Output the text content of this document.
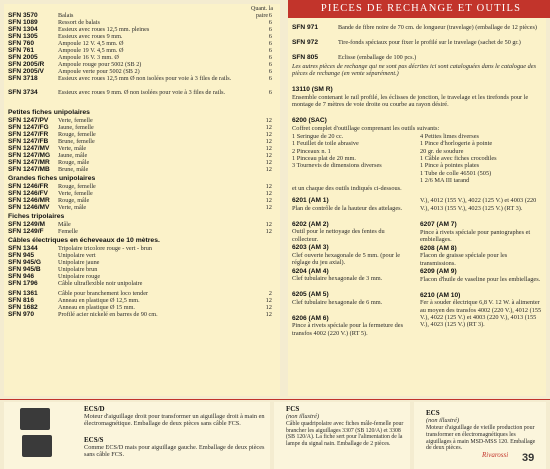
PIECES DE RECHANGE ET OUTILS
Quant. la paire
SFN 3570	Balais	6
SFN 1089	Ressort de balais	6
SFN 1304	Essieux avec roues 12,5 mm. pleines	6
SFN 1305	Essieux avec roues 9 mm.	6
SFN 760	Ampoule 12 V. 4,5 mm. Ø	6
SFN 761	Ampoule 19 V. 4,5 mm. Ø	6
SFN 2005	Ampoule 16 V. 3 mm. Ø	6
SFN 2005/R Ampoule rouge pour 5002 (SB 2)	6
SFN 2005/V Ampoule verte pour 5002 (SB 2)	6
SFN 3718	Essieux avec roues 12,5 mm Ø non isolées pour voie à 3 files de rails.	6
SFN 3734	Essieux avec roues 9 mm. Ø non isolées pour voie à 3 files de rails.	6
Petites fiches unipolaires
SFN 1247/PV Verte, femelle	12
SFN 1247/FG Jaune, femelle	12
SFN 1247/FR Rouge, femelle	12
SFN 1247/FB Brune, femelle	12
SFN 1247/MV Verte, mâle	12
SFN 1247/MG Jaune, mâle	12
SFN 1247/MR Rouge, mâle	12
SFN 1247/MB Brune, mâle	12
Grandes fiches unipolaires
SFN 1246/FR Rouge, femelle	12
SFN 1246/FV Verte, femelle	12
SFN 1246/MR Rouge, mâle	12
SFN 1246/MV Verte, mâle	12
Fiches tripolaires
SFN 1249/M Mâle	12
SFN 1249/F Femelle	12
Câbles électriques en écheveaux de 10 mètres.
SFN 1344	Tripolaire tricolore rouge - vert - brun
SFN 945	Unipolaire vert
SFN 945/G	Unipolaire jaune
SFN 945/B	Unipolaire brun
SFN 946	Unipolaire rouge
SFN 1796	Câble ultraflexible noir unipolaire
SFN 1361	Câble pour branchement loco tender	2
SFN 816	Anneau en plastique Ø 12,5 mm.	12
SFN 1682	Anneau en plastique Ø 15 mm.	12
SFN 970	Profilé acier nickelé en barres de 90 cm.	12
SFN 971	Bande de fibre noire de 70 cm. de longueur (travelage) (emballage de 12 pièces)
SFN 972	Tire-fonds spéciaux pour fixer le profilé sur le travelage (sachet de 50 gr.)
SFN 805	Eclisse (emballage de 100 pcs.)
Les autres pièces de rechange qui ne sont pas décrites ici sont cataloguées dans le catalogue des pièces de rechange (en vente séparément.)
13110 (SM R)
Ensemble contenant le rail profilé, les éclisses de jonction, le travelage et les tirefonds pour le montage de 7 mètres de voie droite ou courbe au rayon désiré.
6200 (SAC)
Coffret complet d'outillage comprenant les outils suivants:
1 Seringue de 20 cc.
1 Feuillet de toile abrasive
2 Pinceaux n. 1
1 Pinceau plat de 20 mm.
3 Tournevis de dimensions diverses
4 Petites limes diverses
1 Pince d'horlogerie à pointe
20 gr. de soudure
1 Câble avec fiches crocodiles
1 Pince à pointes plates
1 Tube de colle 46501 (505)
1 2/6 MA III tarand
et un chaque des outils indiqués ci-dessous.
6201 (AM 1)
Plan de contrôle de la hauteur des attelages.
6202 (AM 2)
Outil pour le nettoyage des fentes du collecteur.
6203 (AM 3)
Clef ouverte hexagonale de 5 mm. (pour le réglage du jeu axial).
6204 (AM 4)
Clef tubulaire hexagonale de 3 mm.
6205 (AM 5)
Clef tubulaire hexagonale de 6 mm.
6206 (AM 6)
Pince à rivets spéciale pour la fermeture des transfos 4002 (220 V.) (RT 5).
V.), 4012 (155 V.), 4022 (125 V.) et 4003 (220 V.), 4013 (155 V.), 4023 (125 V.) (RT 3).
6207 (AM 7)
Pince à rivets spéciale pour pantographes et embiellages.
6208 (AM 8)
Flacon de graisse spéciale pour les transmissions.
6209 (AM 9)
Flacon d'huile de vaseline pour les embiellages.
6210 (AM 10)
Fer à souder électrique 6,8 V. 12 W. à alimenter au moyen des transfos 4002 (220 V.), 4012 (155 V.), 4022 (125 V.) et 4003 (220 V.), 4013 (155 V.), 4023 (125 V.) (RT 3).
ECS/D
Moteur d'aiguillage droit pour transformer un aiguillage droit à main en électromagnétique. Emballage de deux pièces sans câble FCS.
ECS/S
Comme ECS/D mais pour aiguillage gauche. Emballage de deux pièces sans câble FCS.
FCS
(non illustré)
Câble quadripolaire avec fiches mâle-femelle pour brancher les aiguillages 3307 (SB 120/A) et 3308 (SB 120/A). La fiche sert pour l'alimentation de la lampe du signal nain. Emballage de 2 pièces.
ECS
(non illustré)
Moteur d'aiguillage de vieille production pour transformer en électromagnétiques les aiguillages à main MSD-MSS 120. Emballage de deux pièces.
Rivarossi 39
